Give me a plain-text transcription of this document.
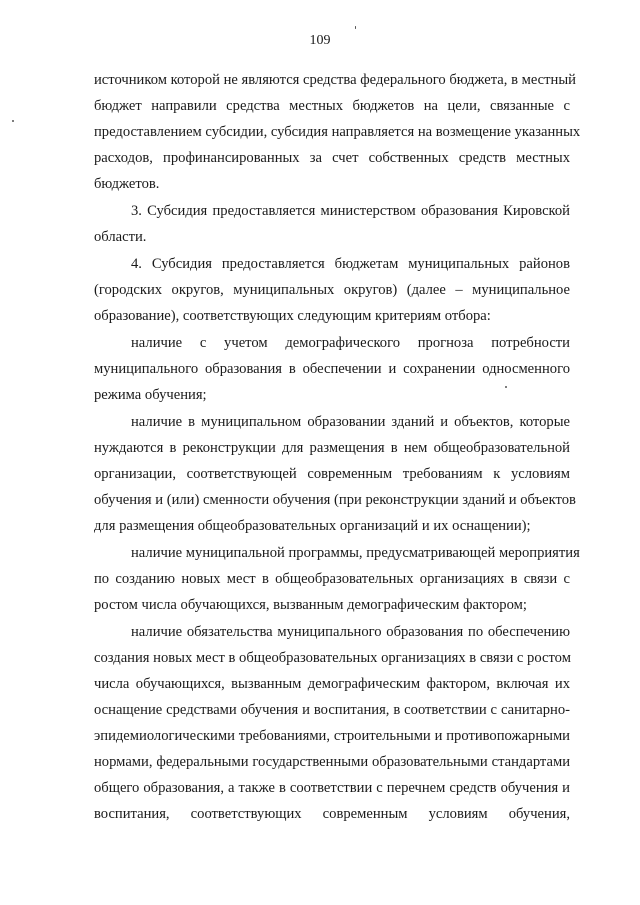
109
источником которой не являются средства федерального бюджета, в местный
бюджет направили средства местных бюджетов на цели, связанные с
предоставлением субсидии, субсидия направляется на возмещение указанных
расходов, профинансированных за счет собственных средств местных
бюджетов.
3. Субсидия предоставляется министерством образования Кировской
области.
4. Субсидия предоставляется бюджетам муниципальных районов
(городских округов, муниципальных округов) (далее – муниципальное
образование), соответствующих следующим критериям отбора:
наличие с учетом демографического прогноза потребности
муниципального образования в обеспечении и сохранении односменного
режима обучения;
наличие в муниципальном образовании зданий и объектов, которые
нуждаются в реконструкции для размещения в нем общеобразовательной
организации, соответствующей современным требованиям к условиям
обучения и (или) сменности обучения (при реконструкции зданий и объектов
для размещения общеобразовательных организаций и их оснащении);
наличие муниципальной программы, предусматривающей мероприятия
по созданию новых мест в общеобразовательных организациях в связи с
ростом числа обучающихся, вызванным демографическим фактором;
наличие обязательства муниципального образования по обеспечению
создания новых мест в общеобразовательных организациях в связи с ростом
числа обучающихся, вызванным демографическим фактором, включая их
оснащение средствами обучения и воспитания, в соответствии с санитарно-
эпидемиологическими требованиями, строительными и противопожарными
нормами, федеральными государственными образовательными стандартами
общего образования, а также в соответствии с перечнем средств обучения и
воспитания, соответствующих современным условиям обучения,
